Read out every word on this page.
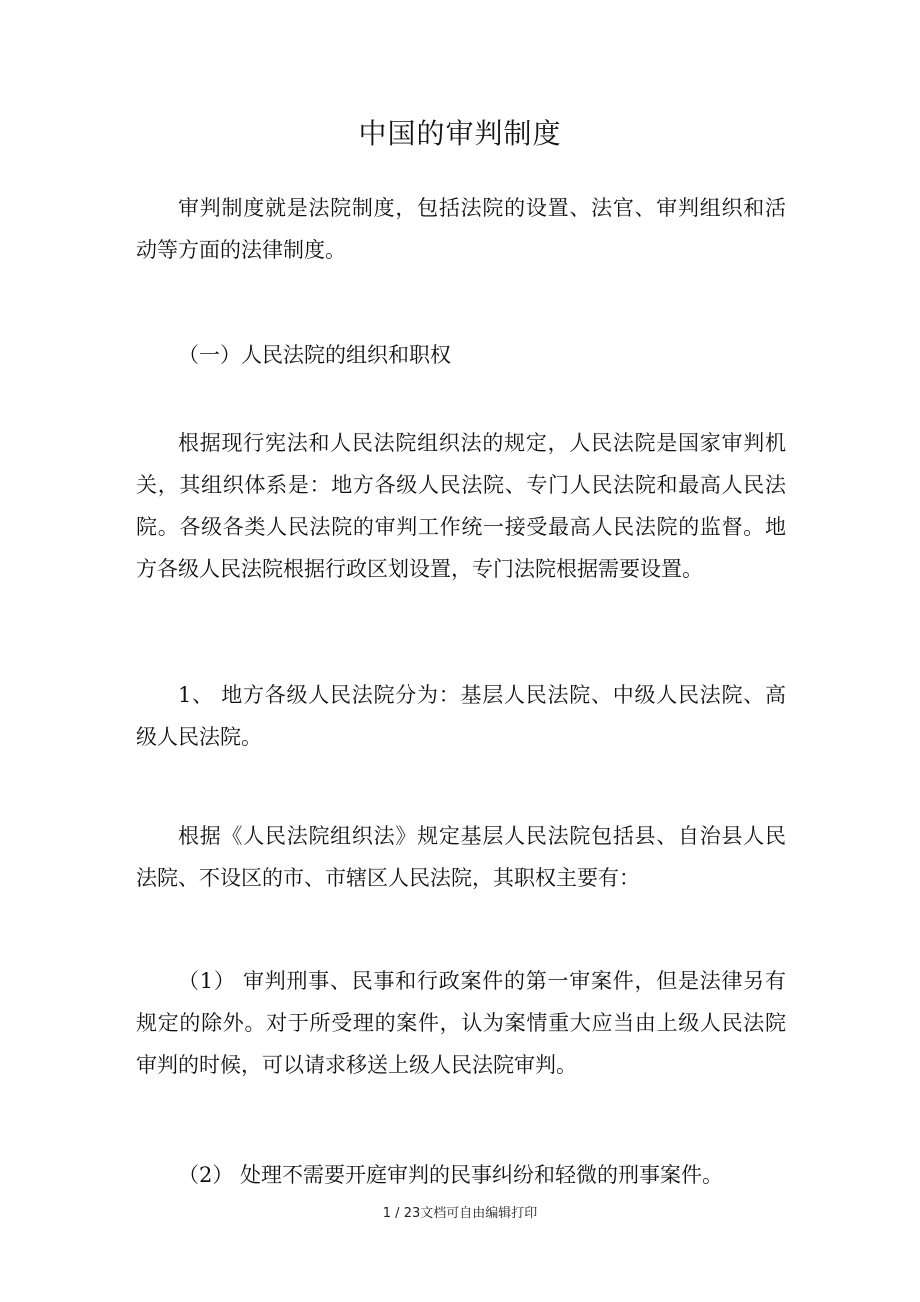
中国的审判制度

审判制度就是法院制度，包括法院的设置、法官、审判组织和活动等方面的法律制度。

（一）人民法院的组织和职权

根据现行宪法和人民法院组织法的规定，人民法院是国家审判机关，其组织体系是：地方各级人民法院、专门人民法院和最高人民法院。各级各类人民法院的审判工作统一接受最高人民法院的监督。地方各级人民法院根据行政区划设置，专门法院根据需要设置。

1、 地方各级人民法院分为：基层人民法院、中级人民法院、高级人民法院。

根据《人民法院组织法》规定基层人民法院包括县、自治县人民法院、不设区的市、市辖区人民法院，其职权主要有：

（1） 审判刑事、民事和行政案件的第一审案件，但是法律另有规定的除外。对于所受理的案件，认为案情重大应当由上级人民法院审判的时候，可以请求移送上级人民法院审判。

（2） 处理不需要开庭审判的民事纠纷和轻微的刑事案件。

1 / 23文档可自由编辑打印
